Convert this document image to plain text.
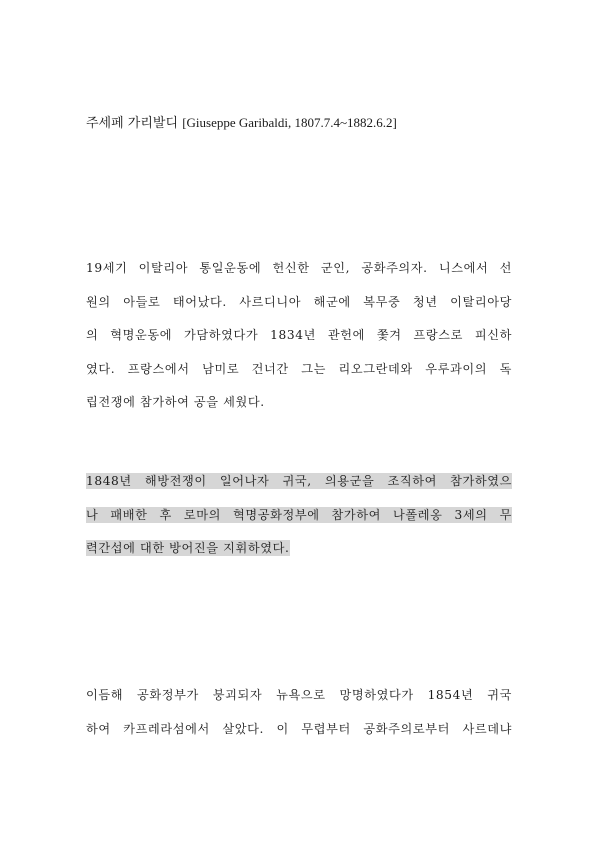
주세페 가리발디 [Giuseppe Garibaldi, 1807.7.4~1882.6.2]
19세기 이탈리아 통일운동에 헌신한 군인, 공화주의자. 니스에서 선
원의 아들로 태어났다. 사르디니아 해군에 복무중 청년 이탈리아당
의 혁명운동에 가담하였다가 1834년 관헌에 쫓겨 프랑스로 피신하
였다. 프랑스에서 남미로 건너간 그는 리오그란데와 우루과이의 독
립전쟁에 참가하여 공을 세웠다.
1848년 해방전쟁이 일어나자 귀국, 의용군을 조직하여 참가하였으
나 패배한 후 로마의 혁명공화정부에 참가하여 나폴레옹 3세의 무
력간섭에 대한 방어진을 지휘하였다.
이듬해 공화정부가 붕괴되자 뉴욕으로 망명하였다가 1854년 귀국
하여 카프레라섬에서 살았다. 이 무렵부터 공화주의로부터 사르데냐
